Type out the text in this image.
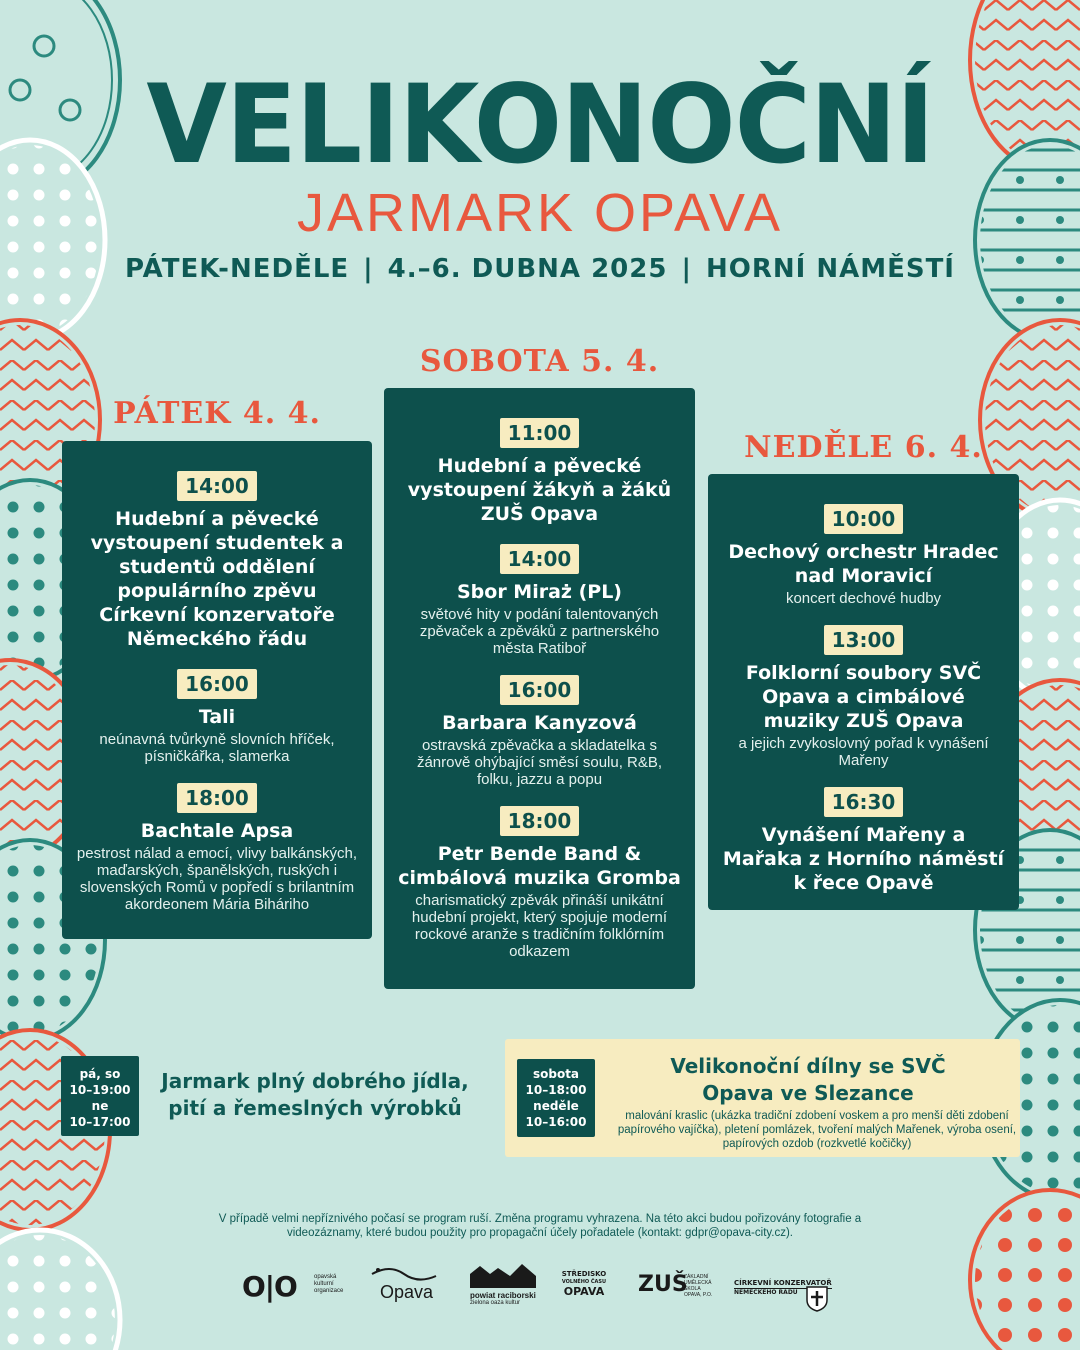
VELIKONOČNÍ
JARMARK OPAVA
PÁTEK-NEDĚLE | 4.–6. DUBNA 2025 | HORNÍ NÁMĚSTÍ
PÁTEK 4. 4.
SOBOTA 5. 4.
NEDĚLE 6. 4.
14:00
Hudební a pěvecké vystoupení studentek a studentů oddělení populárního zpěvu Církevní konzervatoře Německého řádu
16:00
Tali
neúnavná tvůrkyně slovních hříček, písničkářka, slamerka
18:00
Bachtale Apsa
pestrost nálad a emocí, vlivy balkánských, maďarských, španělských, ruských i slovenských Romů v popředí s brilantním akordeonem Mária Biháriho
11:00
Hudební a pěvecké vystoupení žákyň a žáků ZUŠ Opava
14:00
Sbor Miraż (PL)
světové hity v podání talentovaných zpěvaček a zpěváků z partnerského města Ratiboř
16:00
Barbara Kanyzová
ostravská zpěvačka a skladatelka s žánrově ohýbající směsí soulu, R&B, folku, jazzu a popu
18:00
Petr Bende Band & cimbálová muzika Gromba
charismatický zpěvák přináší unikátní hudební projekt, který spojuje moderní rockové aranže s tradičním folklórním odkazem
10:00
Dechový orchestr Hradec nad Moravicí
koncert dechové hudby
13:00
Folklorní soubory SVČ Opava a cimbálové muziky ZUŠ Opava
a jejich zvykoslovný pořad k vynášení Mařeny
16:30
Vynášení Mařeny a Mařaka z Horního náměstí k řece Opavě
pá, so
10–19:00
ne
10–17:00
Jarmark plný dobrého jídla,
pití a řemeslných výrobků
sobota
10–18:00
neděle
10–16:00
Velikonoční dílny se SVČ
Opava ve Slezance
malování kraslic (ukázka tradiční zdobení voskem a pro menší děti zdobení papírového vajíčka), pletení pomlázek, tvoření malých Mařenek, výroba osení, papírových ozdob (rozkvetlé kočičky)
V případě velmi nepříznivého počasí se program ruší. Změna programu vyhrazena. Na této akci budou pořizovány fotografie a videozáznamy, které budou použity pro propagační účely pořadatele (kontakt: gdpr@opava-city.cz).
O|O	opavská kulturní organizace	Opava	powiat raciborski
zielona oaza kultur
STŘEDISKO
VOLNÉHO ČASU
OPAVA	ZUŠ
ZÁKLADNÍ UMĚLECKÁ ŠKOLA OPAVA, P.O.
CÍRKEVNÍ KONZERVATOŘ
NĚMECKÉHO ŘÁDU
